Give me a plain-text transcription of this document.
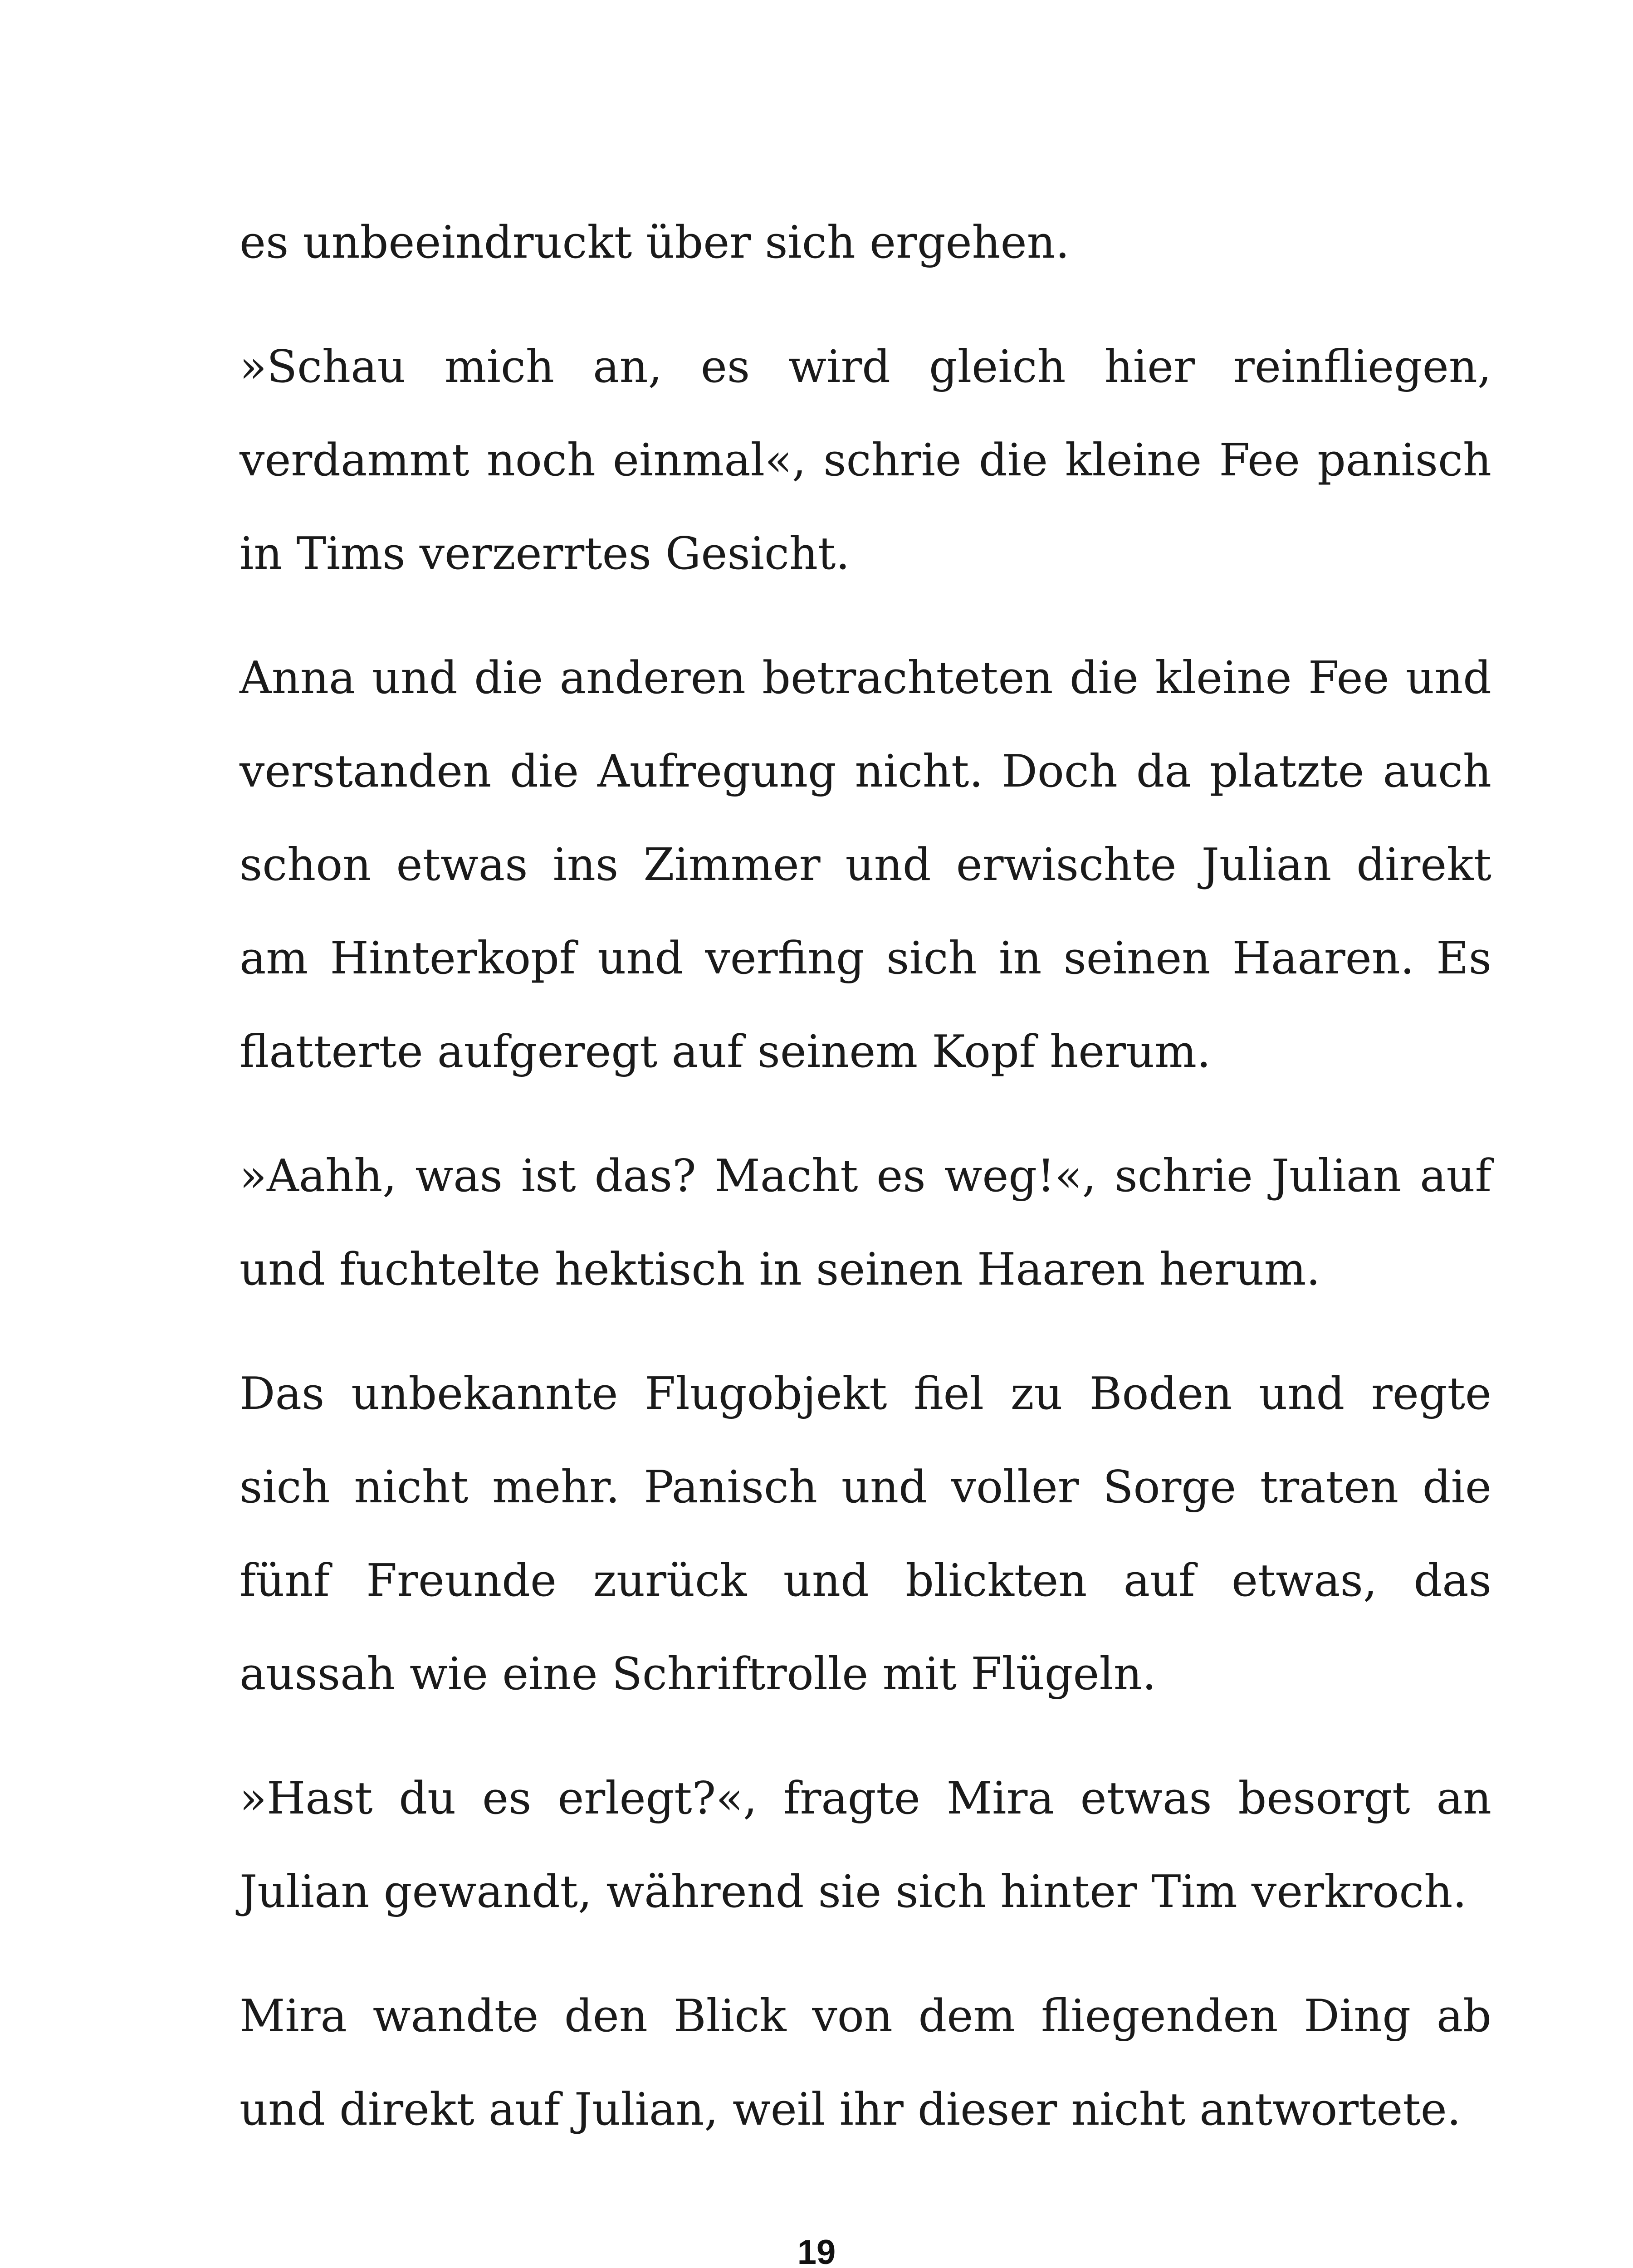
es unbeeindruckt über sich ergehen.

»Schau mich an, es wird gleich hier reinfliegen, verdammt noch einmal«, schrie die kleine Fee panisch in Tims verzerrtes Gesicht.

Anna und die anderen betrachteten die kleine Fee und verstanden die Aufregung nicht. Doch da platzte auch schon etwas ins Zimmer und erwischte Julian direkt am Hinterkopf und verfing sich in seinen Haaren. Es flatterte aufgeregt auf seinem Kopf herum.

»Aahh, was ist das? Macht es weg!«, schrie Julian auf und fuchtelte hektisch in seinen Haaren herum.

Das unbekannte Flugobjekt fiel zu Boden und regte sich nicht mehr. Panisch und voller Sorge traten die fünf Freunde zurück und blickten auf etwas, das aussah wie eine Schriftrolle mit Flügeln.

»Hast du es erlegt?«, fragte Mira etwas besorgt an Julian gewandt, während sie sich hinter Tim verkroch.

Mira wandte den Blick von dem fliegenden Ding ab und direkt auf Julian, weil ihr dieser nicht antwortete.

19
